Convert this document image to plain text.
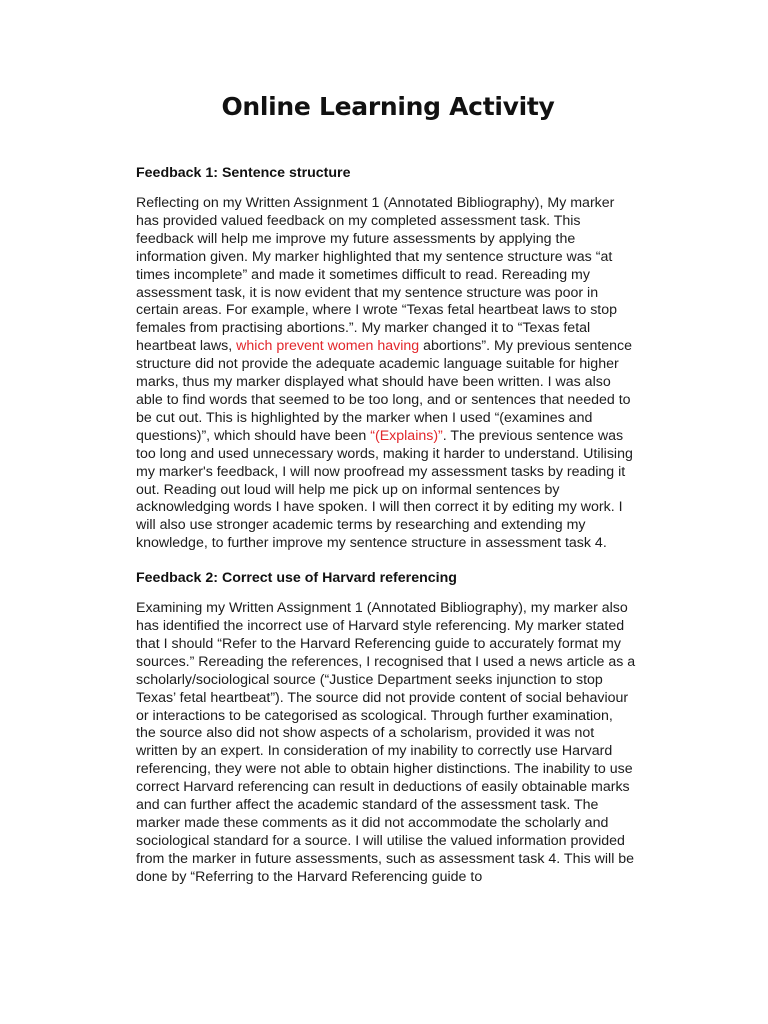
Online Learning Activity
Feedback 1: Sentence structure

Reflecting on my Written Assignment 1 (Annotated Bibliography), My marker has provided valued feedback on my completed assessment task. This feedback will help me improve my future assessments by applying the information given. My marker highlighted that my sentence structure was “at times incomplete” and made it sometimes difficult to read. Rereading my assessment task, it is now evident that my sentence structure was poor in certain areas. For example, where I wrote “Texas fetal heartbeat laws to stop females from practising abortions.”. My marker changed it to “Texas fetal heartbeat laws, which prevent women having abortions”. My previous sentence structure did not provide the adequate academic language suitable for higher marks, thus my marker displayed what should have been written. I was also able to find words that seemed to be too long, and or sentences that needed to be cut out. This is highlighted by the marker when I used “(examines and questions)”, which should have been “(Explains)”. The previous sentence was too long and used unnecessary words, making it harder to understand. Utilising my marker's feedback, I will now proofread my assessment tasks by reading it out. Reading out loud will help me pick up on informal sentences by acknowledging words I have spoken. I will then correct it by editing my work. I will also use stronger academic terms by researching and extending my knowledge, to further improve my sentence structure in assessment task 4.

Feedback 2: Correct use of Harvard referencing

Examining my Written Assignment 1 (Annotated Bibliography), my marker also has identified the incorrect use of Harvard style referencing. My marker stated that I should “Refer to the Harvard Referencing guide to accurately format my sources.” Rereading the references, I recognised that I used a news article as a scholarly/sociological source (“Justice Department seeks injunction to stop Texas’ fetal heartbeat”). The source did not provide content of social behaviour or interactions to be categorised as scological. Through further examination, the source also did not show aspects of a scholarism, provided it was not written by an expert. In consideration of my inability to correctly use Harvard referencing, they were not able to obtain higher distinctions. The inability to use correct Harvard referencing can result in deductions of easily obtainable marks and can further affect the academic standard of the assessment task. The marker made these comments as it did not accommodate the scholarly and sociological standard for a source. I will utilise the valued information provided from the marker in future assessments, such as assessment task 4. This will be done by “Referring to the Harvard Referencing guide to
